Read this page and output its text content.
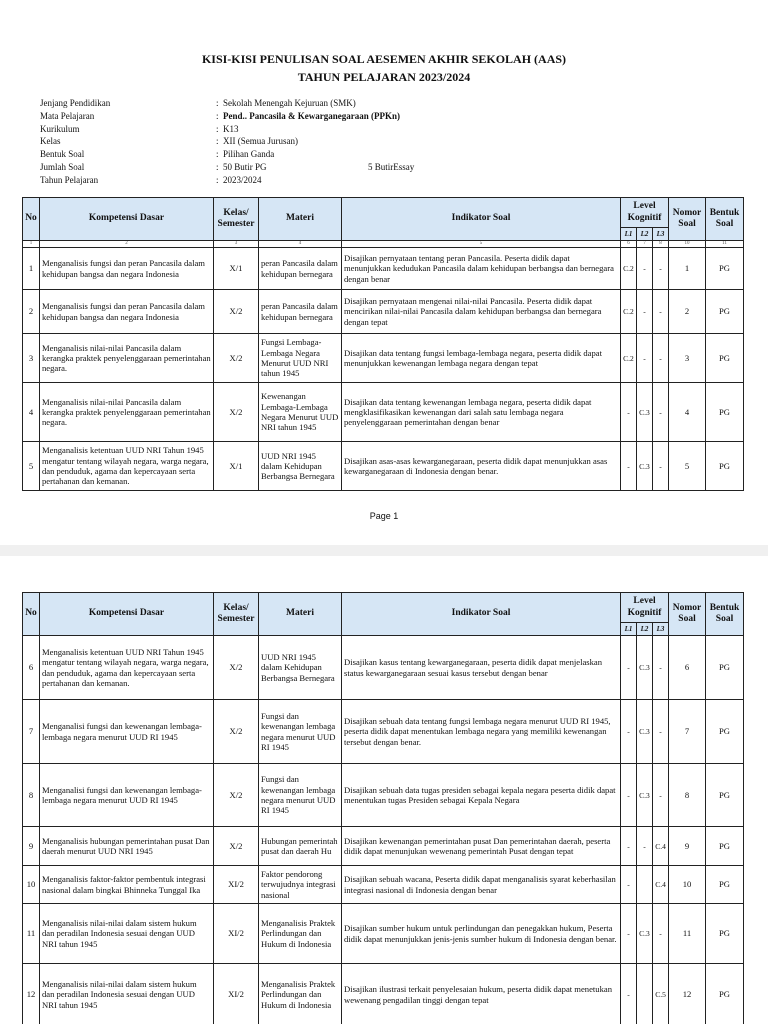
KISI-KISI PENULISAN SOAL AESEMEN AKHIR SEKOLAH (AAS)
TAHUN PELAJARAN 2023/2024
Jenjang Pendidikan	: Sekolah Menengah Kejuruan (SMK)
Mata Pelajaran	: Pend.. Pancasila & Kewarganegaraan (PPKn)
Kurikulum	: K13
Kelas	: XII (Semua Jurusan)
Bentuk Soal	: Pilihan Ganda
Jumlah Soal	: 50 Butir PG	5 ButirEssay
Tahun Pelajaran	: 2023/2024
No	Kompetensi Dasar	Kelas/ Semester	Materi	Indikator Soal	Level Kognitif			Nomor Soal	Bentuk Soal
					L1	L2	L3		
1	2	3	4	5	6	7	8	10	11
1	Menganalisis fungsi dan peran Pancasila dalam kehidupan bangsa dan negara Indonesia	X/1	peran Pancasila dalam kehidupan bernegara	Disajikan pernyataan tentang peran Pancasila. Peserta didik dapat menunjukkan kedudukan Pancasila dalam kehidupan berbangsa dan bernegara dengan benar	C.2	-	-	1	PG
2	Menganalisis fungsi dan peran Pancasila dalam kehidupan bangsa dan negara Indonesia	X/2	peran Pancasila dalam kehidupan bernegara	Disajikan pernyataan mengenai nilai-nilai Pancasila. Peserta didik dapat mencirikan nilai-nilai Pancasila dalam kehidupan berbangsa dan bernegara dengan tepat	C.2	-	-	2	PG
3	Menganalisis nilai-nilai Pancasila dalam kerangka praktek penyelenggaraan pemerintahan negara.	X/2	Fungsi Lembaga-Lembaga Negara Menurut UUD NRI tahun 1945	Disajikan data tentang fungsi lembaga-lembaga negara, peserta didik dapat menunjukkan kewenangan lembaga negara dengan tepat	C.2	-	-	3	PG
4	Menganalisis nilai-nilai Pancasila dalam kerangka praktek penyelenggaraan pemerintahan negara.	X/2	Kewenangan Lembaga-Lembaga Negara Menurut UUD NRI tahun 1945	Disajikan data tentang kewenangan lembaga negara, peserta didik dapat mengklasifikasikan kewenangan dari salah satu lembaga negara penyelenggaraan pemerintahan dengan benar	-	C.3	-	4	PG
5	Menganalisis ketentuan UUD NRI Tahun 1945 mengatur tentang wilayah negara, warga negara, dan penduduk, agama dan kepercayaan serta pertahanan dan kemanan.	X/1	UUD NRI 1945 dalam Kehidupan Berbangsa Bernegara	Disajikan asas-asas kewarganegaraan, peserta didik dapat menunjukkan asas kewarganegaraan di Indonesia dengan benar.	-	C.3	-	5	PG
Page 1
No	Kompetensi Dasar	Kelas/ Semester	Materi	Indikator Soal	Level Kognitif			Nomor Soal	Bentuk Soal
					L1	L2	L3		
6	Menganalisis ketentuan UUD NRI Tahun 1945 mengatur tentang wilayah negara, warga negara, dan penduduk, agama dan kepercayaan serta pertahanan dan kemanan.	X/2	UUD NRI 1945 dalam Kehidupan Berbangsa Bernegara	Disajikan kasus tentang kewarganegaraan, peserta didik dapat menjelaskan status kewarganegaraan sesuai kasus tersebut dengan benar	-	C.3	-	6	PG
7	Menganalisi fungsi dan kewenangan lembaga-lembaga negara menurut UUD RI 1945	X/2	Fungsi dan kewenangan lembaga negara menurut UUD RI 1945	Disajikan sebuah data tentang fungsi lembaga negara menurut UUD RI 1945, peserta didik dapat menentukan lembaga negara yang memiliki kewenangan tersebut dengan benar.	-	C.3	-	7	PG
8	Menganalisi fungsi dan kewenangan lembaga-lembaga negara menurut UUD RI 1945	X/2	Fungsi dan kewenangan lembaga negara menurut UUD RI 1945	Disajikan sebuah data tugas presiden sebagai kepala negara peserta didik dapat menentukan tugas Presiden sebagai Kepala Negara	-	C.3	-	8	PG
9	Menganalisis hubungan pemerintahan pusat Dan daerah menurut UUD NRI 1945	X/2	Hubungan pemerintah pusat dan daerah Hu	Disajikan kewenangan pemerintahan pusat Dan pemerintahan daerah, peserta didik dapat menunjukan wewenang pemerintah Pusat dengan tepat	-	-	C.4	9	PG
10	Menganalisis faktor-faktor pembentuk integrasi nasional dalam bingkai Bhinneka Tunggal Ika	XI/2	Faktor pendorong terwujudnya integrasi nasional	Disajikan sebuah wacana, Peserta didik dapat menganalisis syarat keberhasilan integrasi nasional di Indonesia dengan benar	-		C.4	10	PG
11	Menganalisis nilai-nilai dalam sistem hukum dan peradilan Indonesia sesuai dengan UUD NRI tahun 1945	XI/2	Menganalisis Praktek Perlindungan dan Hukum di Indonesia	Disajikan sumber hukum untuk perlindungan dan penegakkan hukum, Peserta didik dapat menunjukkan jenis-jenis sumber hukum di Indonesia dengan benar.	-	C.3	-	11	PG
12	Menganalisis nilai-nilai dalam sistem hukum dan peradilan Indonesia sesuai dengan UUD NRI tahun 1945	XI/2	Menganalisis Praktek Perlindungan dan Hukum di Indonesia	Disajikan ilustrasi terkait penyelesaian hukum, peserta didik dapat menetukan wewenang pengadilan tinggi dengan tepat	-		C.5	12	PG
